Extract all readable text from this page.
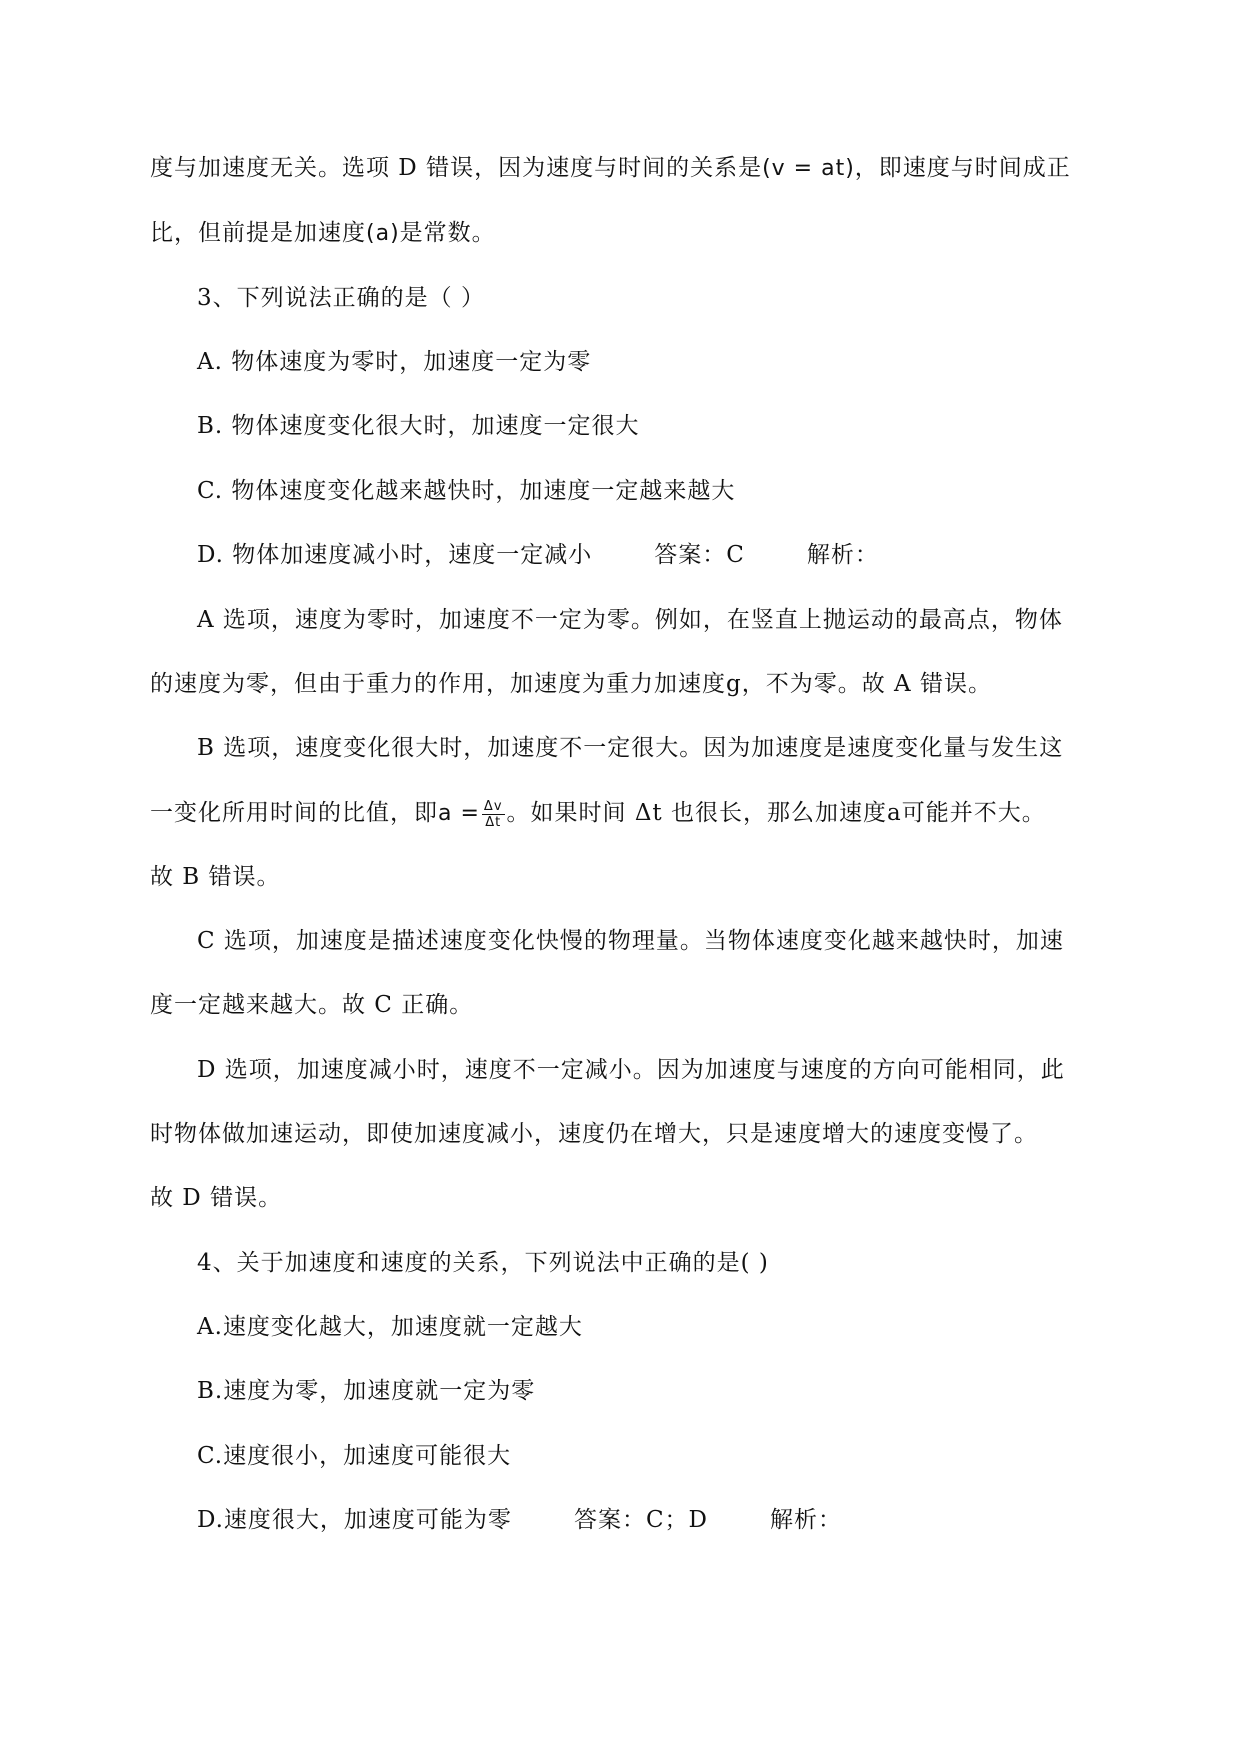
度与加速度无关。选项 D 错误，因为速度与时间的关系是(v = at)，即速度与时间成正
比，但前提是加速度(a)是常数。
3、下列说法正确的是（ ）
A. 物体速度为零时，加速度一定为零
B. 物体速度变化很大时，加速度一定很大
C. 物体速度变化越来越快时，加速度一定越来越大
D. 物体加速度减小时，速度一定减小	答案：C	解析：
A 选项，速度为零时，加速度不一定为零。例如，在竖直上抛运动的最高点，物体
的速度为零，但由于重力的作用，加速度为重力加速度g，不为零。故 A 错误。
B 选项，速度变化很大时，加速度不一定很大。因为加速度是速度变化量与发生这
一变化所用时间的比值，即$a = \frac{\Delta v}{\Delta t}$ 。如果时间 Δt 也很长，那么加速度a可能并不大。
故 B 错误。
C 选项，加速度是描述速度变化快慢的物理量。当物体速度变化越来越快时，加速
度一定越来越大。故 C 正确。
D 选项，加速度减小时，速度不一定减小。因为加速度与速度的方向可能相同，此
时物体做加速运动，即使加速度减小，速度仍在增大，只是速度增大的速度变慢了。
故 D 错误。
4、关于加速度和速度的关系，下列说法中正确的是( )
A.速度变化越大，加速度就一定越大
B.速度为零，加速度就一定为零
C.速度很小，加速度可能很大
D.速度很大，加速度可能为零	答案：C；D	解析：
